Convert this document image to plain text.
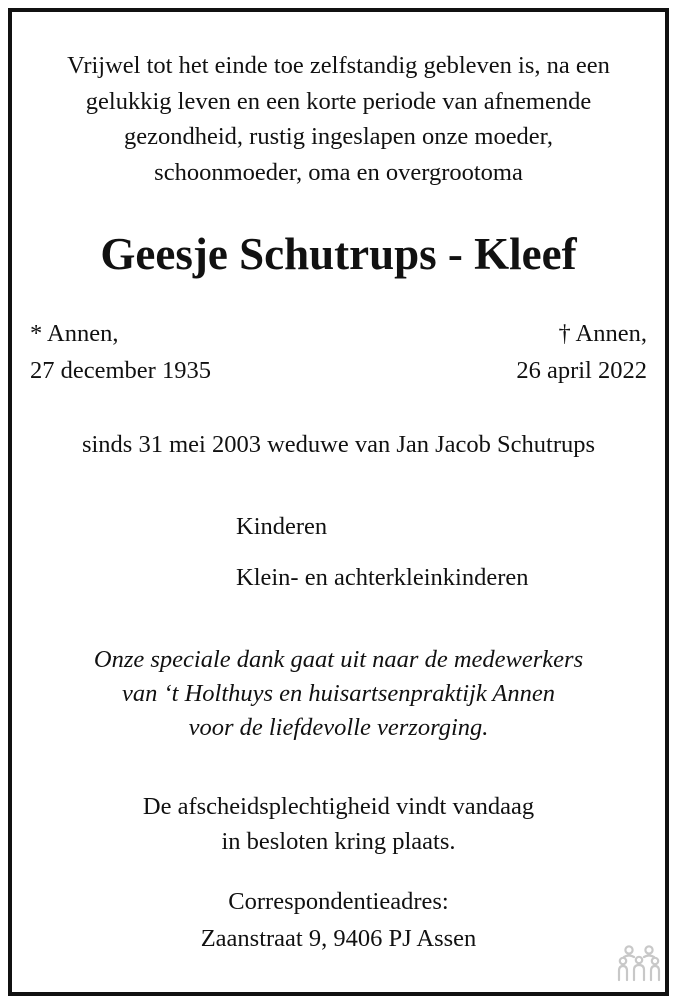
Vrijwel tot het einde toe zelfstandig gebleven is, na een
gelukkig leven en een korte periode van afnemende
gezondheid, rustig ingeslapen onze moeder,
schoonmoeder, oma en overgrootoma
Geesje Schutrups - Kleef
* Annen,
27 december 1935
† Annen,
26 april 2022
sinds 31 mei 2003 weduwe van Jan Jacob Schutrups
Kinderen
Klein- en achterkleinkinderen
Onze speciale dank gaat uit naar de medewerkers
van ‘t Holthuys en huisartsenpraktijk Annen
voor de liefdevolle verzorging.
De afscheidsplechtigheid vindt vandaag
in besloten kring plaats.
Correspondentieadres:
Zaanstraat 9, 9406 PJ Assen
